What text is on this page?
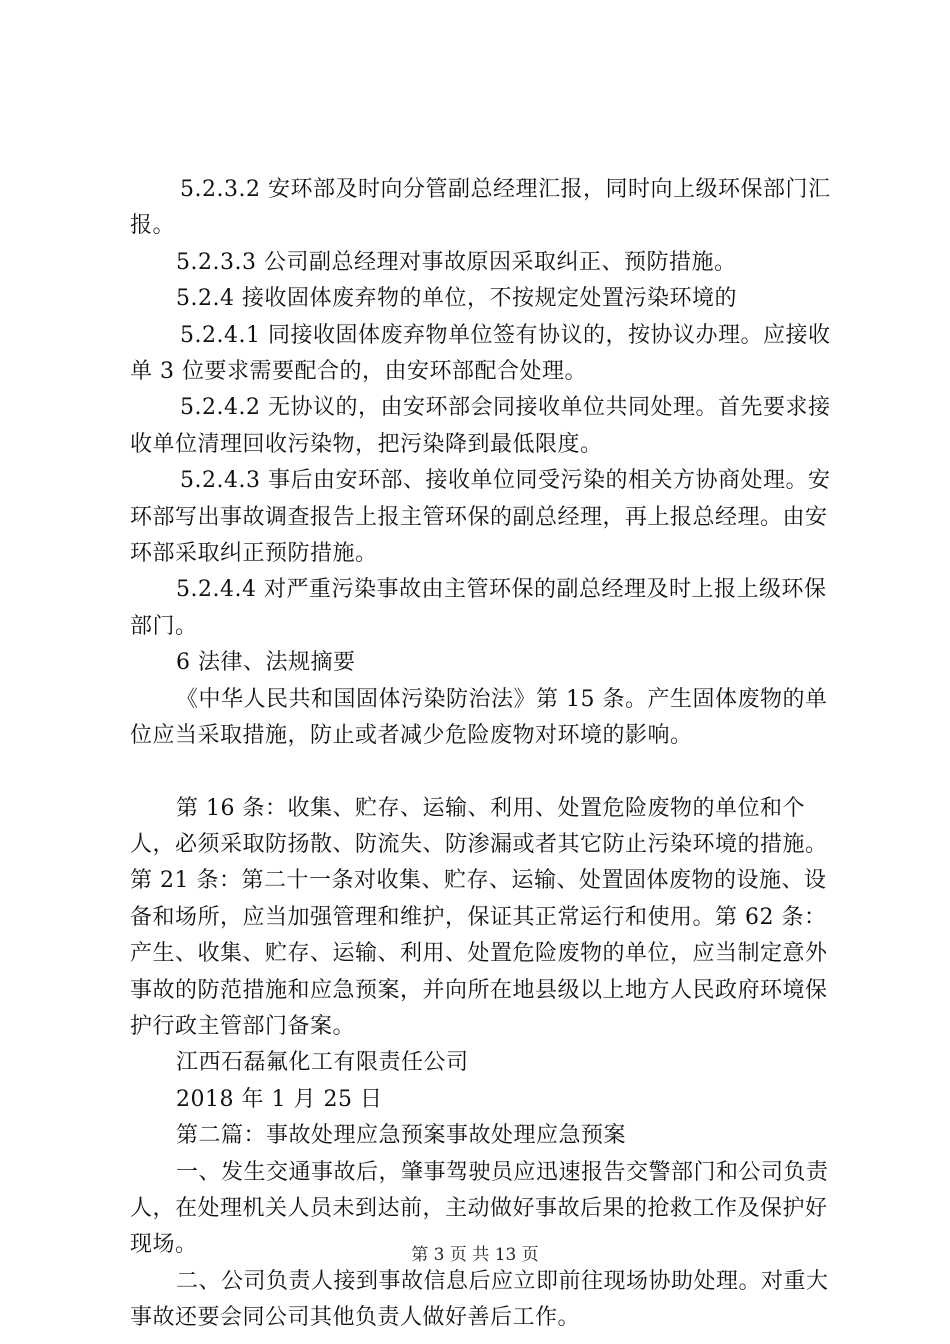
5.2.3.2 安环部及时向分管副总经理汇报，同时向上级环保部门汇报。

5.2.3.3 公司副总经理对事故原因采取纠正、预防措施。

5.2.4 接收固体废弃物的单位，不按规定处置污染环境的

5.2.4.1 同接收固体废弃物单位签有协议的，按协议办理。应接收单 3 位要求需要配合的，由安环部配合处理。

5.2.4.2 无协议的，由安环部会同接收单位共同处理。首先要求接收单位清理回收污染物，把污染降到最低限度。

5.2.4.3 事后由安环部、接收单位同受污染的相关方协商处理。安环部写出事故调查报告上报主管环保的副总经理，再上报总经理。由安环部采取纠正预防措施。

5.2.4.4 对严重污染事故由主管环保的副总经理及时上报上级环保部门。

6 法律、法规摘要

《中华人民共和国固体污染防治法》第 15 条。产生固体废物的单位应当采取措施，防止或者减少危险废物对环境的影响。

第 16 条：收集、贮存、运输、利用、处置危险废物的单位和个人，必须采取防扬散、防流失、防渗漏或者其它防止污染环境的措施。第 21 条：第二十一条对收集、贮存、运输、处置固体废物的设施、设备和场所，应当加强管理和维护，保证其正常运行和使用。第 62 条：产生、收集、贮存、运输、利用、处置危险废物的单位，应当制定意外事故的防范措施和应急预案，并向所在地县级以上地方人民政府环境保护行政主管部门备案。

江西石磊氟化工有限责任公司

2018 年 1 月 25 日

第二篇：事故处理应急预案事故处理应急预案

一、发生交通事故后，肇事驾驶员应迅速报告交警部门和公司负责人，在处理机关人员未到达前，主动做好事故后果的抢救工作及保护好现场。

二、公司负责人接到事故信息后应立即前往现场协助处理。对重大事故还要会同公司其他负责人做好善后工作。

第 3 页 共 13 页
